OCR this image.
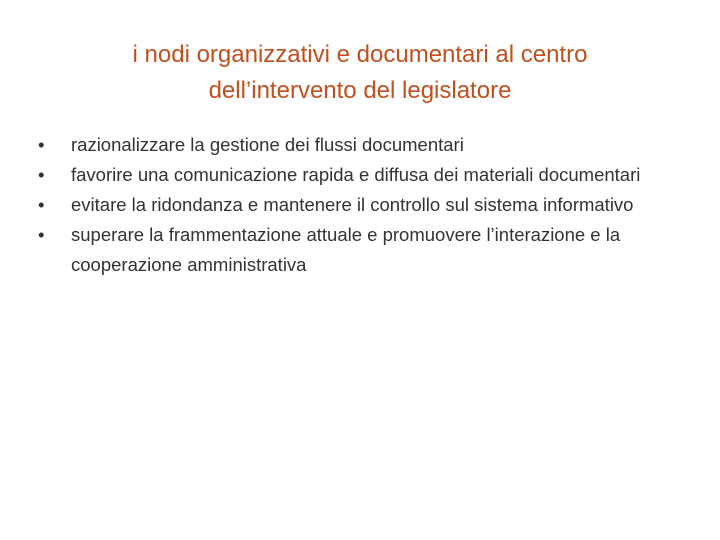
i nodi organizzativi e documentari al centro
dell’intervento del legislatore
•	razionalizzare la gestione dei flussi documentari
•	favorire una comunicazione rapida e diffusa dei materiali documentari
•	evitare la ridondanza e mantenere il controllo sul sistema informativo
•	superare la frammentazione attuale e promuovere l’interazione e la cooperazione amministrativa
